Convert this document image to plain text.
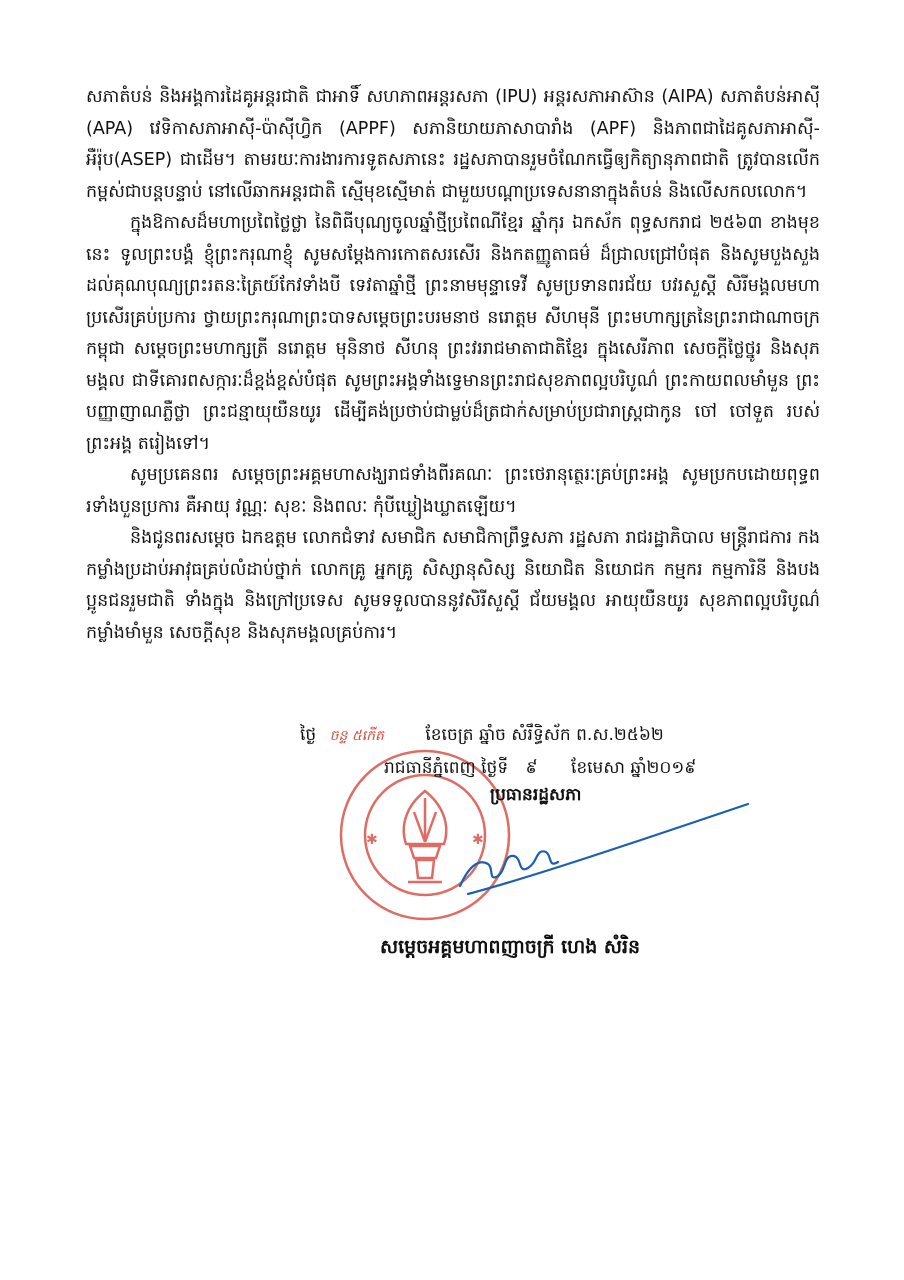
សភាតំបន់ និងអង្គការដៃគូអន្តរជាតិ ជាអាទិ៍ សហភាពអន្តរសភា (IPU) អន្តរសភាអាស៊ាន (AIPA) សភាតំបន់អាស៊ី (APA) វេទិកាសភាអាស៊ី-ប៉ាស៊ីហ្វិក (APPF) សភានិយាយភាសាបារាំង (APF) និងភាពជាដៃគូសភាអាស៊ី-អឺរ៉ុប(ASEP) ជាដើម។ តាមរយៈការងារការទូតសភានេះ រដ្ឋសភាបានរួមចំណែកធ្វើឲ្យកិត្យានុភាពជាតិ ត្រូវបានលើកកម្ពស់ជាបន្តបន្ទាប់ នៅលើឆាកអន្តរជាតិ ស្មើមុខស្មើមាត់ ជាមួយបណ្តាប្រទេសនានាក្នុងតំបន់ និងលើសកលលោក។

ក្នុងឱកាសដ៏មហាប្រពៃថ្លៃថ្លា នៃពិធីបុណ្យចូលឆ្នាំថ្មីប្រពៃណីខ្មែរ ឆ្នាំកុរ ឯកស័ក ពុទ្ធសករាជ ២៥៦៣ ខាងមុខនេះ ទូលព្រះបង្គំ ខ្ញុំព្រះករុណាខ្ញុំ សូមសម្តែងការកោតសរសើរ និងកតញ្ញូតាធម៌ ដ៏ជ្រាលជ្រៅបំផុត និងសូមបួងសួងដល់គុណបុណ្យព្រះរតនៈត្រៃយ៍កែវទាំងបី ទេវតាឆ្នាំថ្មី ព្រះនាមមុន្ទាទេវី សូមប្រទានពរជ័យ បវរសួស្តី សិរីមង្គលមហាប្រសើរគ្រប់ប្រការ ថ្វាយព្រះករុណាព្រះបាទសម្តេចព្រះបរមនាថ នរោត្តម សីហមុនី ព្រះមហាក្សត្រនៃព្រះរាជាណាចក្រកម្ពុជា សម្តេចព្រះមហាក្សត្រី នរោត្តម មុនិនាថ សីហនុ ព្រះវររាជមាតាជាតិខ្មែរ ក្នុងសេរីភាព សេចក្តីថ្លៃថ្នូរ និងសុភមង្គល ជាទីគោរពសក្ការៈដ៏ខ្ពង់ខ្ពស់បំផុត សូមព្រះអង្គទាំងទ្វេមានព្រះរាជសុខភាពល្អបរិបូណ៌ ព្រះកាយពលមាំមួន ព្រះបញ្ញាញាណភ្លឺថ្លា ព្រះជន្មាយុយឺនយូរ ដើម្បីគង់ប្រថាប់ជាម្លប់ដ៏ត្រជាក់សម្រាប់ប្រជារាស្ត្រជាកូន ចៅ ចៅទួត របស់ព្រះអង្គ តរៀងទៅ។

សូមប្រគេនពរ សម្តេចព្រះអគ្គមហាសង្ឃរាជទាំងពីរគណៈ ព្រះថេរានុត្ថេរៈគ្រប់ព្រះអង្គ សូមប្រកបដោយពុទ្ធពរទាំងបួនប្រការ គឺអាយុ វណ្ណៈ សុខៈ និងពលៈ កុំបីឃ្លៀងឃ្លាតឡើយ។

និងជូនពរសម្តេច ឯកឧត្តម លោកជំទាវ សមាជិក សមាជិកាព្រឹទ្ធសភា រដ្ឋសភា រាជរដ្ឋាភិបាល មន្ត្រីរាជការ កងកម្លាំងប្រដាប់អាវុធគ្រប់លំដាប់ថ្នាក់ លោកគ្រូ អ្នកគ្រូ សិស្សានុសិស្ស និយោជិត និយោជក កម្មករ កម្មការិនី និងបងប្អូនជនរួមជាតិ ទាំងក្នុង និងក្រៅប្រទេស សូមទទួលបាននូវសិរីសួស្តី ជ័យមង្គល អាយុយឺនយូរ សុខភាពល្អបរិបូណ៌ កម្លាំងមាំមួន សេចក្តីសុខ និងសុភមង្គលគ្រប់ការ។

✱	✱
ថ្ងៃ ចន្ទ ៥កើត ខែចេត្រ ឆ្នាំច សំរឹទ្ធិស័ក ព.ស.២៥៦២
រាជធានីភ្នំពេញ ថ្ងៃទី ៩ ខែមេសា ឆ្នាំ២០១៩
ប្រធានរដ្ឋសភា
សម្តេចអគ្គមហាពញាចក្រី ហេង សំរិន
